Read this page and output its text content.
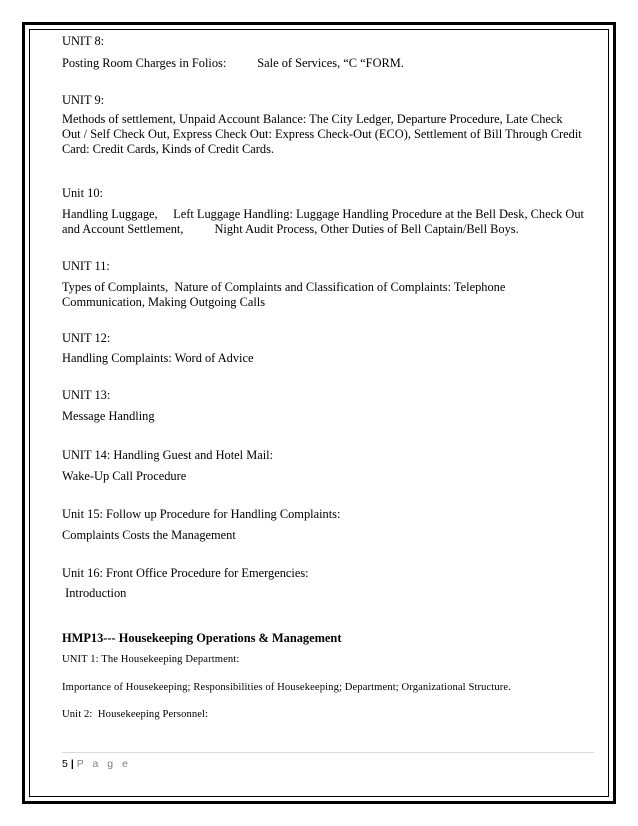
UNIT 8:
Posting Room Charges in Folios:          Sale of Services, “C “FORM.
UNIT 9:
Methods of settlement, Unpaid Account Balance: The City Ledger, Departure Procedure, Late Check
Out / Self Check Out, Express Check Out: Express Check-Out (ECO), Settlement of Bill Through Credit
Card: Credit Cards, Kinds of Credit Cards.
Unit 10:
Handling Luggage,     Left Luggage Handling: Luggage Handling Procedure at the Bell Desk, Check Out
and Account Settlement,          Night Audit Process, Other Duties of Bell Captain/Bell Boys.
UNIT 11:
Types of Complaints,  Nature of Complaints and Classification of Complaints: Telephone
Communication, Making Outgoing Calls
UNIT 12:
Handling Complaints: Word of Advice
UNIT 13:
Message Handling
UNIT 14: Handling Guest and Hotel Mail:
Wake-Up Call Procedure
Unit 15: Follow up Procedure for Handling Complaints:
Complaints Costs the Management
Unit 16: Front Office Procedure for Emergencies:
Introduction
HMP13--- Housekeeping Operations & Management
UNIT 1: The Housekeeping Department:
Importance of Housekeeping; Responsibilities of Housekeeping; Department; Organizational Structure.
Unit 2:  Housekeeping Personnel:
5 | P a g e
